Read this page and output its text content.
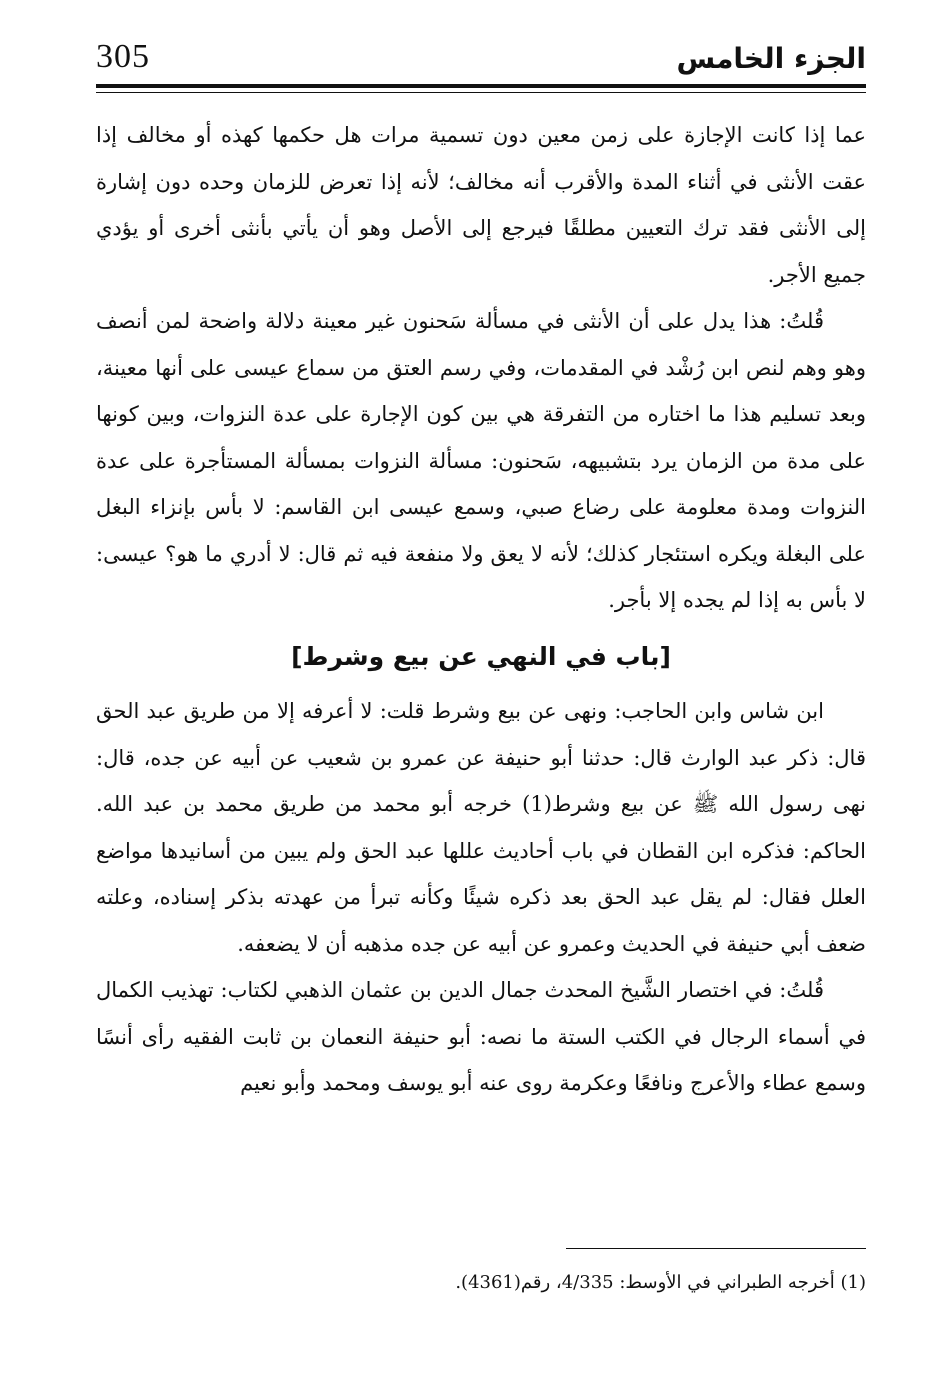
305	الجزء الخامس

عما إذا كانت الإجازة على زمن معين دون تسمية مرات هل حكمها كهذه أو مخالف إذا عقت الأنثى في أثناء المدة والأقرب أنه مخالف؛ لأنه إذا تعرض للزمان وحده دون إشارة إلى الأنثى فقد ترك التعيين مطلقًا فيرجع إلى الأصل وهو أن يأتي بأنثى أخرى أو يؤدي جميع الأجر.

قُلتُ: هذا يدل على أن الأنثى في مسألة سَحنون غير معينة دلالة واضحة لمن أنصف وهو وهم لنص ابن رُشْد في المقدمات، وفي رسم العتق من سماع عيسى على أنها معينة، وبعد تسليم هذا ما اختاره من التفرقة هي بين كون الإجارة على عدة النزوات، وبين كونها على مدة من الزمان يرد بتشبيهه، سَحنون: مسألة النزوات بمسألة المستأجرة على عدة النزوات ومدة معلومة على رضاع صبي، وسمع عيسى ابن القاسم: لا بأس بإنزاء البغل على البغلة ويكره استئجار كذلك؛ لأنه لا يعق ولا منفعة فيه ثم قال: لا أدري ما هو؟ عيسى: لا بأس به إذا لم يجده إلا بأجر.

[باب في النهي عن بيع وشرط]

ابن شاس وابن الحاجب: ونهى عن بيع وشرط قلت: لا أعرفه إلا من طريق عبد الحق قال: ذكر عبد الوارث قال: حدثنا أبو حنيفة عن عمرو بن شعيب عن أبيه عن جده، قال: نهى رسول الله ﷺ عن بيع وشرط(1) خرجه أبو محمد من طريق محمد بن عبد الله. الحاكم: فذكره ابن القطان في باب أحاديث عللها عبد الحق ولم يبين من أسانيدها مواضع العلل فقال: لم يقل عبد الحق بعد ذكره شيئًا وكأنه تبرأ من عهدته بذكر إسناده، وعلته ضعف أبي حنيفة في الحديث وعمرو عن أبيه عن جده مذهبه أن لا يضعفه.

قُلتُ: في اختصار الشَّيخ المحدث جمال الدين بن عثمان الذهبي لكتاب: تهذيب الكمال في أسماء الرجال في الكتب الستة ما نصه: أبو حنيفة النعمان بن ثابت الفقيه رأى أنسًا وسمع عطاء والأعرج ونافعًا وعكرمة روى عنه أبو يوسف ومحمد وأبو نعيم

(1) أخرجه الطبراني في الأوسط: 4/335، رقم(4361).
